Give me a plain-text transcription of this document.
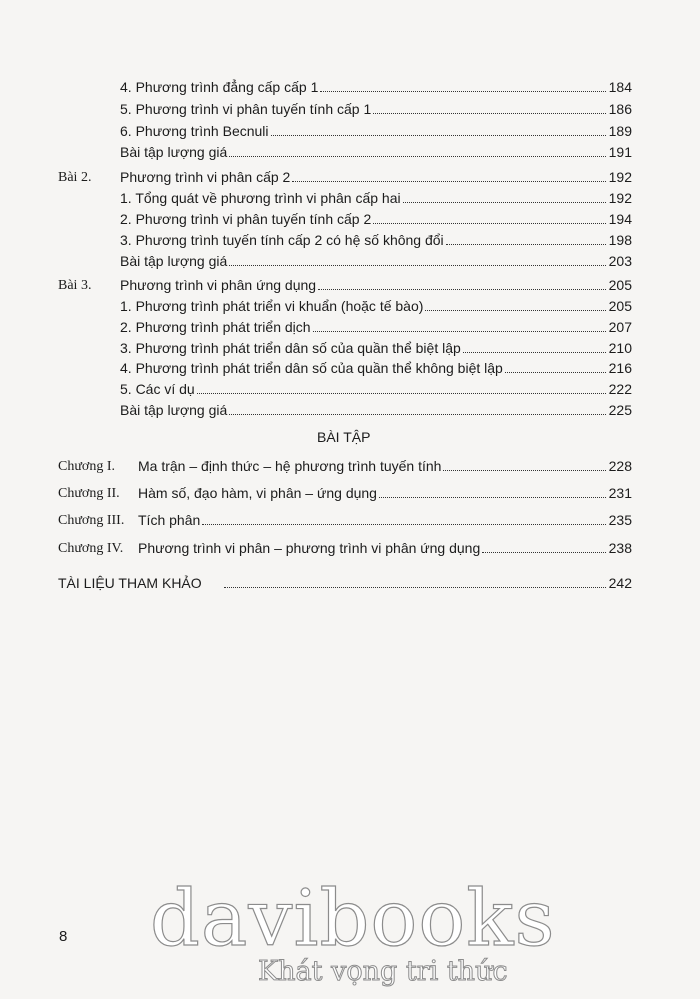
4. Phương trình đẳng cấp cấp 1	184
5. Phương trình vi phân tuyến tính cấp 1	186
6. Phương trình Becnuli	189
Bài tập lượng giá	191
Bài 2. Phương trình vi phân cấp 2	192
1. Tổng quát về phương trình vi phân cấp hai	192
2. Phương trình vi phân tuyến tính cấp 2	194
3. Phương trình tuyến tính cấp 2 có hệ số không đổi	198
Bài tập lượng giá	203
Bài 3. Phương trình vi phân ứng dụng	205
1. Phương trình phát triển vi khuẩn (hoặc tế bào)	205
2. Phương trình phát triển dịch	207
3. Phương trình phát triển dân số của quần thể biệt lập	210
4. Phương trình phát triển dân số của quần thể không biệt lập	216
5. Các ví dụ	222
Bài tập lượng giá	225
BÀI TẬP
Chương I. Ma trận – định thức – hệ phương trình tuyến tính	228
Chương II. Hàm số, đạo hàm, vi phân – ứng dụng	231
Chương III. Tích phân	235
Chương IV. Phương trình vi phân – phương trình vi phân ứng dụng	238
TÀI LIỆU THAM KHẢO	242
8 davibooks
Khát vọng tri thức
